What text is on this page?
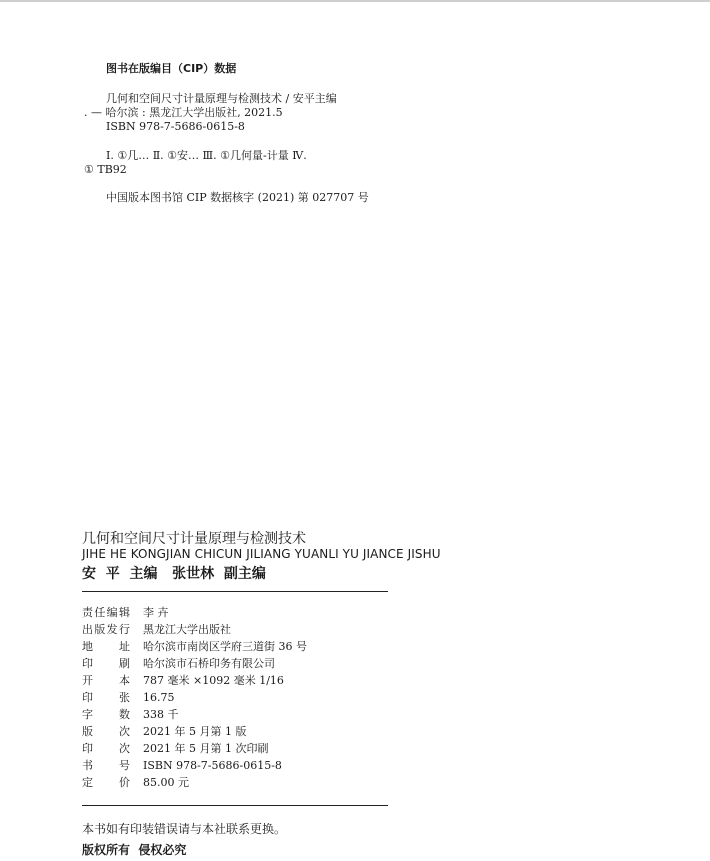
图书在版编目（CIP）数据
几何和空间尺寸计量原理与检测技术 / 安平主编
. — 哈尔滨 : 黑龙江大学出版社, 2021.5
ISBN 978-7-5686-0615-8
Ⅰ. ①几… Ⅱ. ①安… Ⅲ. ①几何量-计量 Ⅳ.
① TB92
中国版本图书馆 CIP 数据核字 (2021) 第 027707 号
几何和空间尺寸计量原理与检测技术
JIHE HE KONGJIAN CHICUN JILIANG YUANLI YU JIANCE JISHU
安  平  主编   张世林  副主编
责 任 编 辑 李 卉
出 版 发 行 黑龙江大学出版社
地 址 哈尔滨市南岗区学府三道街 36 号
印 刷 哈尔滨市石桥印务有限公司
开 本 787 毫米 ×1092 毫米 1/16
印 张 16.75
字 数 338 千
版 次 2021 年 5 月第 1 版
印 次 2021 年 5 月第 1 次印刷
书 号 ISBN 978-7-5686-0615-8
定 价 85.00 元
本书如有印装错误请与本社联系更换。
版权所有  侵权必究
